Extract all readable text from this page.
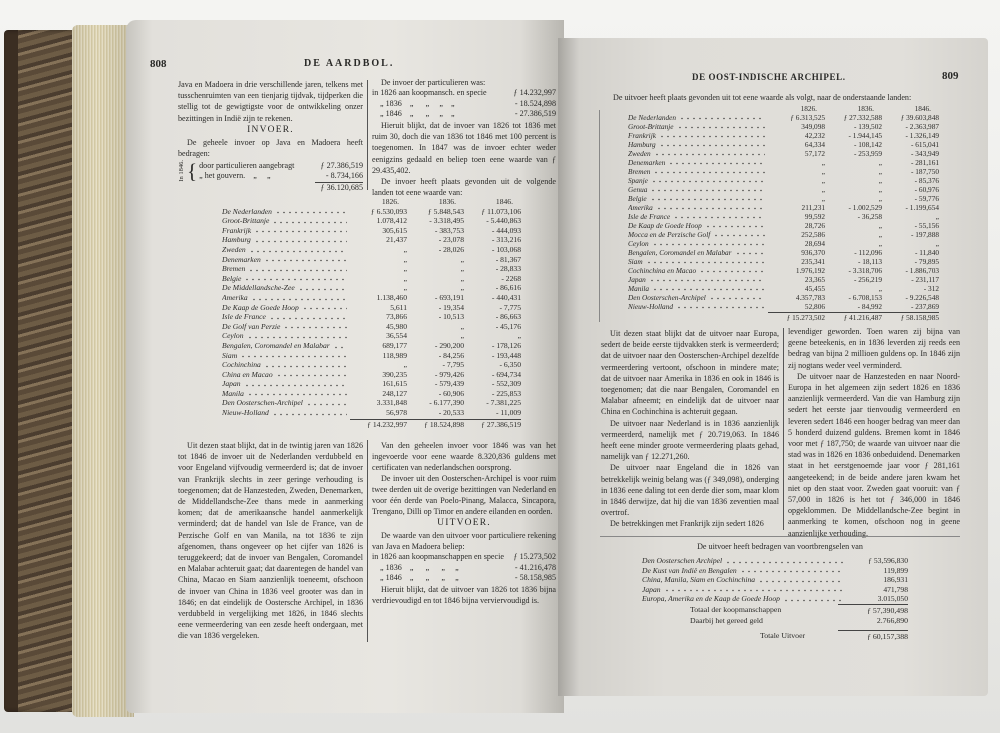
808	DE AARDBOL.

Java en Madoera in drie verschillende jaren, telkens met tusschenruimten van een tienjarig tijdvak, tijdperken die stellig tot de gewigtigste voor de ontwikkeling onzer bezittingen in Indië zijn te rekenen.

INVOER.

De geheele invoer op Java en Madoera heeft bedragen:

In 1846. { door particulieren aangebragt	ƒ 27.386,519
„ het gouvern.    „     „	- 8.734,166
ƒ 36.120,685

De invoer der particulieren was:

in 1826 aan koopmansch. en specie	ƒ 14.232,997
„ 1836    „      „     „    „	- 18.524,898
„ 1846    „      „     „    „	- 27.386,519

Hieruit blijkt, dat de invoer van 1826 tot 1836 met ruim 30, doch die van 1836 tot 1846 met 100 percent is toegenomen. In 1847 was de invoer echter weder eenigzins gedaald en beliep toen eene waarde van ƒ 29.435,402.

De invoer heeft plaats gevonden uit de volgende landen tot eene waarde van:

1826.	1836.	1846.
De Nederlanden	ƒ 6.530,093	ƒ 5.848,543	ƒ 11.073,106
Groot-Brittanje	1.078,412	- 3.318,495	- 5.440,863
Frankrijk	305,615	- 383,753	- 444,093
Hamburg	21,437	- 23,078	- 313,216
Zweden	„	- 28,026	- 103,068
Denemarken	„	„	- 81,367
Bremen	„	„	- 28,833
Belgie	„	„	- 2268
De Middellandsche-Zee	„	„	- 86,616
Amerika	1.138,460	- 693,191	- 440,431
De Kaap de Goede Hoop	5,611	- 19,354	- 7,775
Isle de France	73,866	- 10,513	- 86,663
De Golf van Perzie	45,980	„	- 45,176
Ceylon	36,554	„	„
Bengalen, Coromandel en Malabar	689,177	- 290,200	- 178,126
Siam	118,989	- 84,256	- 193,448
Cochinchina	„	- 7,795	- 6,350
China en Macao	390,235	- 979,426	- 694,734
Japan	161,615	- 579,439	- 552,309
Manila	248,127	- 60,906	- 225,853
Den Oosterschen-Archipel	3.331,848	- 6.177,390	- 7.381,225
Nieuw-Holland	56,978	- 20,533	- 11,009
ƒ 14.232,997	ƒ 18.524,898	ƒ 27.386,519

Uit dezen staat blijkt, dat in de twintig jaren van 1826 tot 1846 de invoer uit de Nederlanden verdubbeld en voor Engeland vijfvoudig vermeerderd is; dat de invoer van Frankrijk slechts in zeer geringe verhouding is toegenomen; dat de Hanzesteden, Zweden, Denemarken, de Middellandsche-Zee thans mede in aanmerking komen; dat de amerikaansche handel aanmerkelijk verminderd; dat de handel van Isle de France, van de Perzische Golf en van Manila, na tot 1836 te zijn afgenomen, thans ongeveer op het cijfer van 1826 is teruggekeerd; dat de invoer van Bengalen, Coromandel en Malabar achteruit gaat; dat daarentegen de handel van China, Macao en Siam aanzienlijk toeneemt, ofschoon de invoer van China in 1836 veel grooter was dan in 1846; en dat eindelijk de Oostersche Archipel, in 1836 verdubbeld in vergelijking met 1826, in 1846 slechts eene vermeerdering van een zesde heeft ondergaan, met die van 1836 vergeleken.

Van den geheelen invoer voor 1846 was van het ingevoerde voor eene waarde 8.320,836 guldens met certificaten van nederlandschen oorsprong.

De invoer uit den Oosterschen-Archipel is voor ruim twee derden uit de overige bezittingen van Nederland en voor één derde van Poelo-Pinang, Malacca, Sincapora, Trengano, Dilli op Timor en andere eilanden en oorden.

UITVOER.

De waarde van den uitvoer voor particuliere rekening van Java en Madoera beliep:

in 1826 aan koopmanschappen en specie ƒ 15.273,502
„ 1836    „      „      „     „	- 41.216,478
„ 1846    „      „      „     „	- 58.158,985

Hieruit blijkt, dat de uitvoer van 1826 tot 1836 bijna verdrievoudigd en tot 1846 bijna verviervoudigd is.

DE OOST-INDISCHE ARCHIPEL.	809

De uitvoer heeft plaats gevonden uit tot eene waarde als volgt, naar de onderstaande landen:

1826.	1836.	1846.
De Nederlanden	ƒ 6.313,525	ƒ 27.332,588	ƒ 39.603,848
Groot-Brittanje	349,098	- 139,502	- 2.363,987
Frankrijk	42,232	- 1.944,145	- 1.326,149
Hamburg	64,334	- 108,142	- 615,041
Zweden	57,172	- 253,959	- 343,949
Denemarken	„	„	- 281,161
Bremen	„	„	- 187,750
Spanje	„	„	- 85,376
Genua	„	„	- 60,976
Belgie	„	„	- 59,776
Amerika	211,231	- 1.002,529	- 1.199,654
Isle de France	99,592	- 36,258	„
De Kaap de Goede Hoop	28,726	„	- 55,156
Mocca en de Perzische Golf	252,586	„	- 197,888
Ceylon	28,694	„	„
Bengalen, Coromandel en Malabar	936,370	- 112,096	- 11,840
Siam	235,341	- 18,113	- 79,895
Cochinchina en Macao	1.976,192	- 3.318,706	- 1.886,703
Japan	23,365	- 256,219	- 231,117
Manila	45,455	„	- 312
Den Oosterschen-Archipel	4.357,783	- 6.708,153	- 9.226,548
Nieuw-Holland	52,806	- 84,992	- 237,869
ƒ 15.273,502	ƒ 41.216,487	ƒ 58.158,985

Uit dezen staat blijkt dat de uitvoer naar Europa, sedert de beide eerste tijdvakken sterk is vermeerderd; dat de uitvoer naar den Oosterschen-Archipel dezelfde vermeerdering vertoont, ofschoon in mindere mate; dat de uitvoer naar Amerika in 1836 en ook in 1846 is toegenomen; dat die naar Bengalen, Coromandel en Malabar afneemt; en eindelijk dat de uitvoer naar China en Cochinchina is achteruit gegaan.

De uitvoer naar Nederland is in 1836 aanzienlijk vermeerderd, namelijk met ƒ 20.719,063. In 1846 heeft eene minder groote vermeerdering plaats gehad, namelijk van ƒ 12.271,260.

De uitvoer naar Engeland die in 1826 van betrekkelijk weinig belang was (ƒ 349,098), onderging in 1836 eene daling tot een derde dier som, maar klom in 1846 derwijze, dat hij die van 1836 zeventien maal overtrof.

De betrekkingen met Frankrijk zijn sedert 1826

levendiger geworden. Toen waren zij bijna van geene beteekenis, en in 1836 leverden zij reeds een bedrag van bijna 2 millioen guldens op. In 1846 zijn zij nogtans weder veel verminderd.

De uitvoer naar de Hanzesteden en naar Noord-Europa in het algemeen zijn sedert 1826 en 1836 aanzienlijk vermeerderd. Van die van Hamburg zijn sedert het eerste jaar tienvoudig vermeerderd en leveren sedert 1846 een hooger bedrag van meer dan 5 honderd duizend guldens. Bremen komt in 1846 voor met ƒ 187,750; de waarde van uitvoer naar die stad was in 1826 en 1836 onbeduidend. Denemarken staat in het eerstgenoemde jaar voor ƒ 281,161 aangeteekend; in de beide andere jaren kwam het niet op den staat voor. Zweden gaat vooruit: van ƒ 57,000 in 1826 is het tot ƒ 346,000 in 1846 opgeklommen. De Middellandsche-Zee begint in aanmerking te komen, ofschoon nog in geene aanzienlijke verhouding.

De uitvoer heeft bedragen van voortbrengselen van
Den Oosterschen Archipel	ƒ 53,596,830
De Kust van Indië en Bengalen	119,899
China, Manila, Siam en Cochinchina	186,931
Japan	471,798
Europa, Amerika en de Kaap de Goede Hoop	3.015,050
Totaal der koopmanschappen	ƒ 57,390,498
Daarbij het gereed geld	2.766,890
Totale Uitvoer	ƒ 60,157,388
